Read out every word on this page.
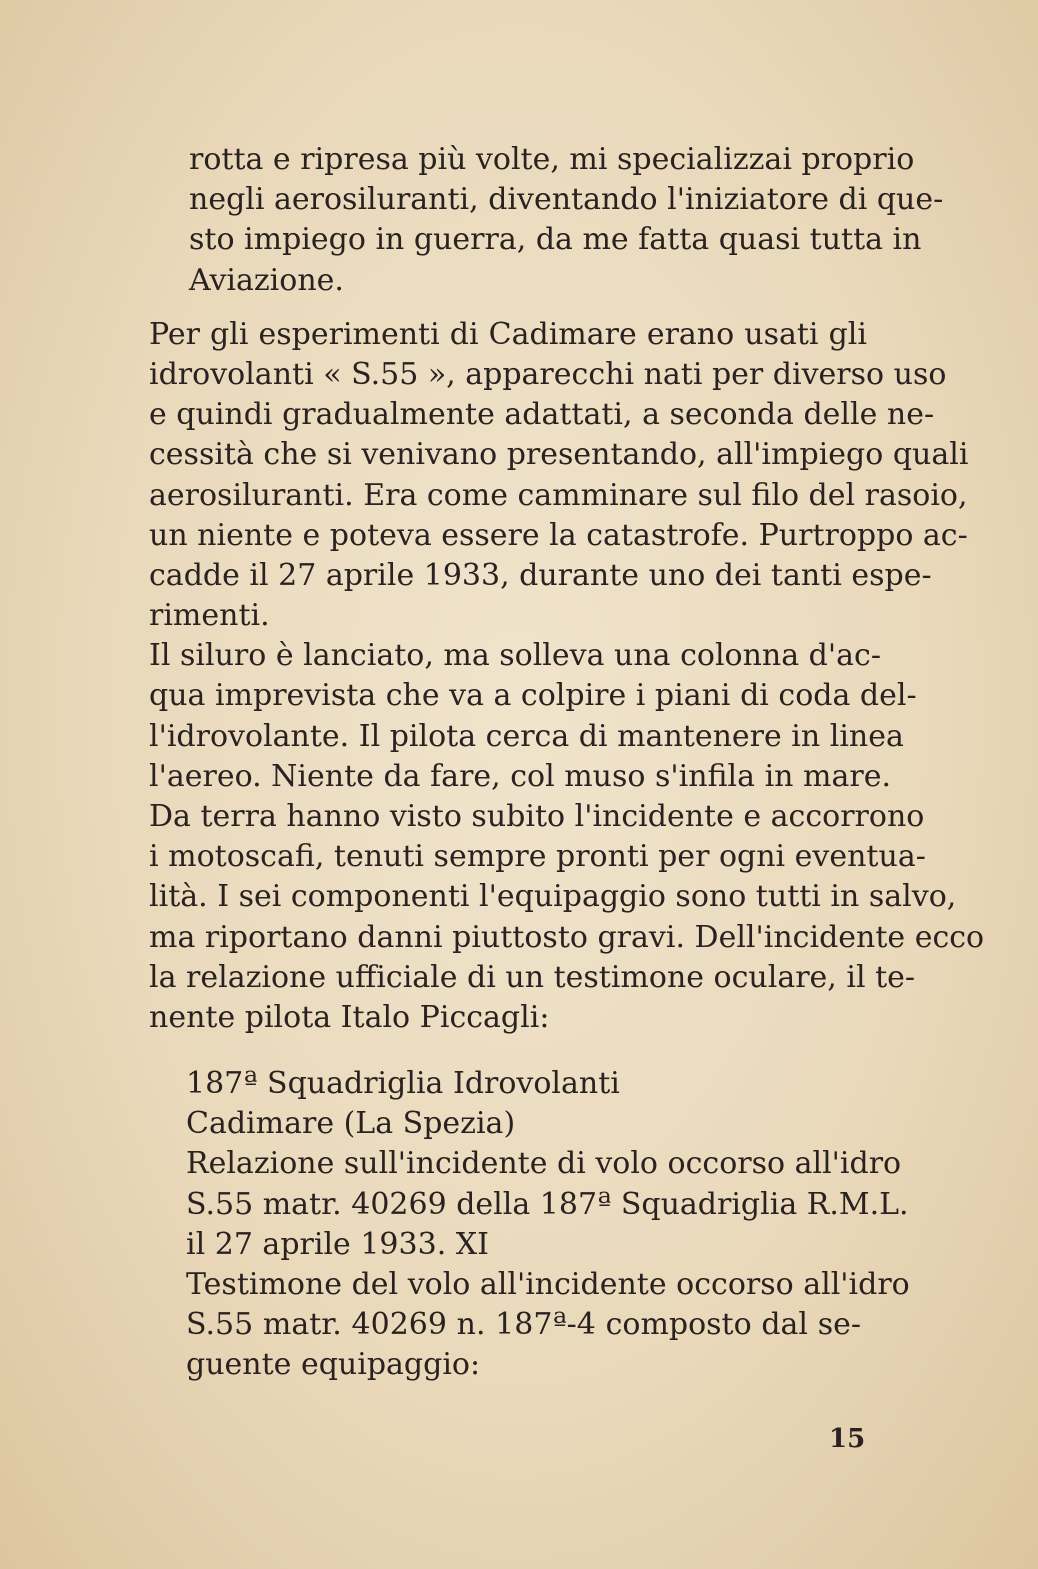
rotta e ripresa più volte, mi specializzai proprio
negli aerosiluranti, diventando l'iniziatore di que-
sto impiego in guerra, da me fatta quasi tutta in
Aviazione.
Per gli esperimenti di Cadimare erano usati gli
idrovolanti « S.55 », apparecchi nati per diverso uso
e quindi gradualmente adattati, a seconda delle ne-
cessità che si venivano presentando, all'impiego quali
aerosiluranti. Era come camminare sul filo del rasoio,
un niente e poteva essere la catastrofe. Purtroppo ac-
cadde il 27 aprile 1933, durante uno dei tanti espe-
rimenti.
Il siluro è lanciato, ma solleva una colonna d'ac-
qua imprevista che va a colpire i piani di coda del-
l'idrovolante. Il pilota cerca di mantenere in linea
l'aereo. Niente da fare, col muso s'infila in mare.
Da terra hanno visto subito l'incidente e accorrono
i motoscafi, tenuti sempre pronti per ogni eventua-
lità. I sei componenti l'equipaggio sono tutti in salvo,
ma riportano danni piuttosto gravi. Dell'incidente ecco
la relazione ufficiale di un testimone oculare, il te-
nente pilota Italo Piccagli:
187ª Squadriglia Idrovolanti
Cadimare (La Spezia)
Relazione sull'incidente di volo occorso all'idro
S.55 matr. 40269 della 187ª Squadriglia R.M.L.
il 27 aprile 1933. XI
Testimone del volo all'incidente occorso all'idro
S.55 matr. 40269 n. 187ª-4 composto dal se-
guente equipaggio:
15
